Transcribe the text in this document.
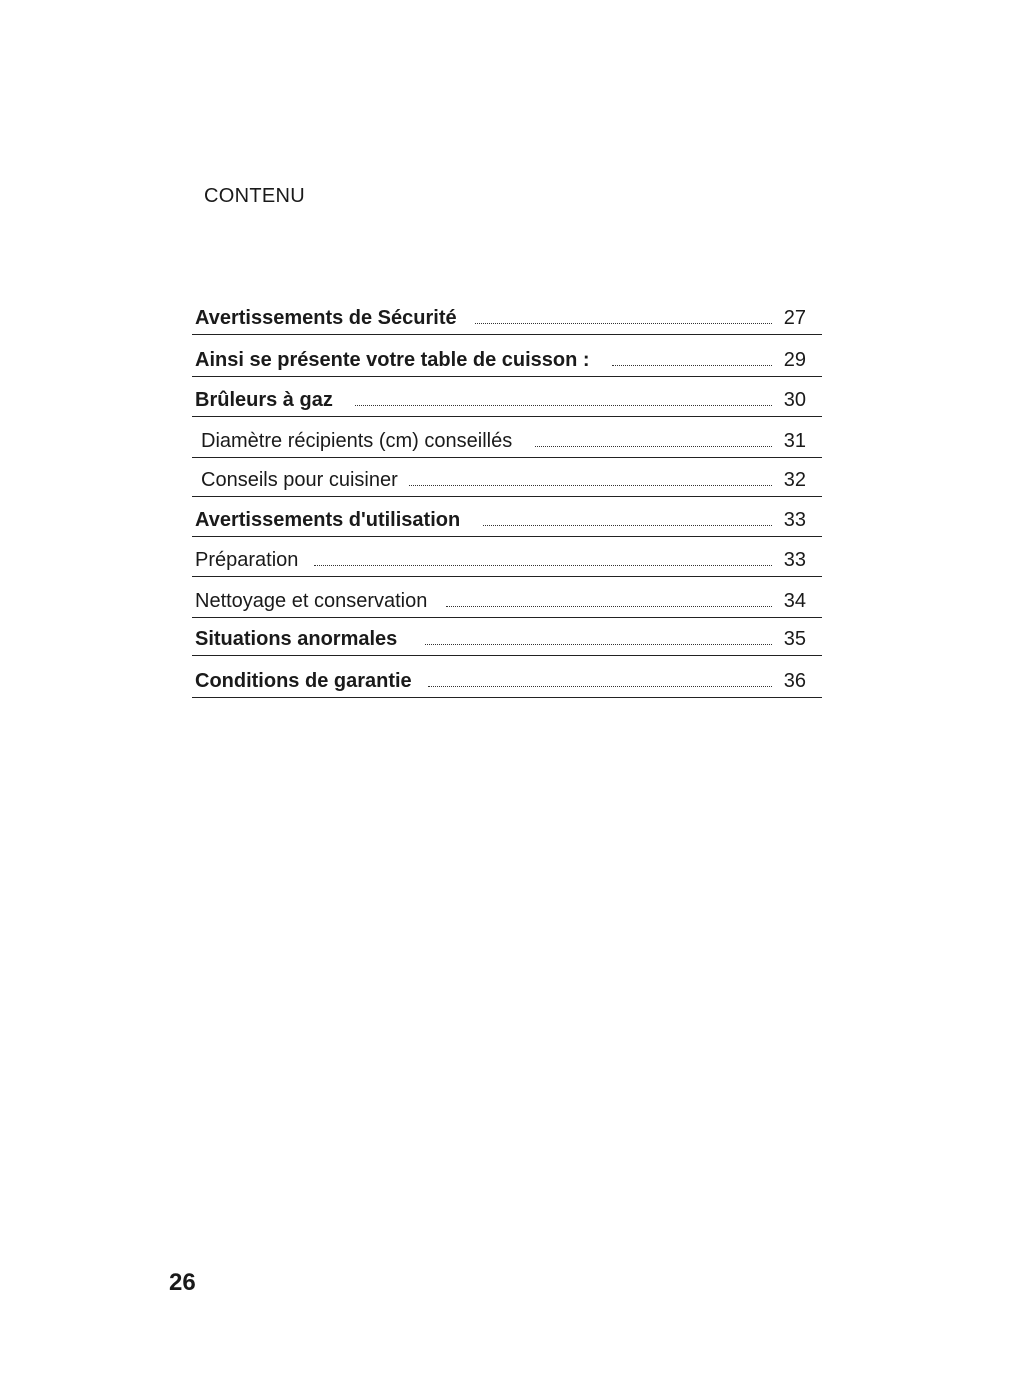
CONTENU
Avertissements de Sécurité	27
Ainsi se présente votre table de cuisson :	29
Brûleurs à gaz	30
Diamètre récipients (cm) conseillés	31
Conseils pour cuisiner	32
Avertissements d'utilisation	33
Préparation	33
Nettoyage et conservation	34
Situations anormales	35
Conditions de garantie	36
26
